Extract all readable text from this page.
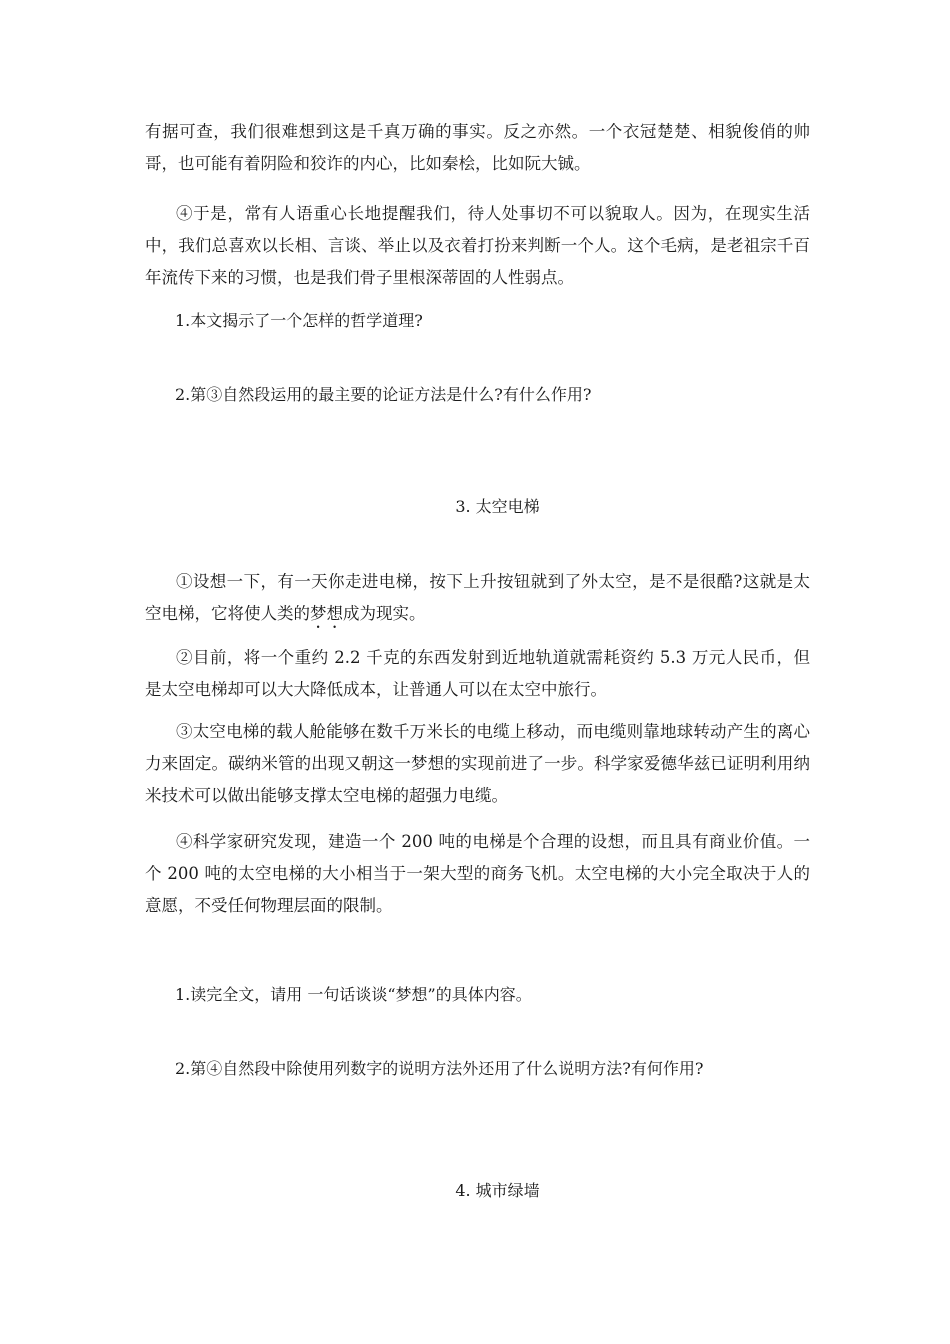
有据可查，我们很难想到这是千真万确的事实。反之亦然。一个衣冠楚楚、相貌俊俏的帅哥，也可能有着阴险和狡诈的内心，比如秦桧，比如阮大铖。

④于是，常有人语重心长地提醒我们，待人处事切不可以貌取人。因为，在现实生活中，我们总喜欢以长相、言谈、举止以及衣着打扮来判断一个人。这个毛病，是老祖宗千百年流传下来的习惯，也是我们骨子里根深蒂固的人性弱点。

1.本文揭示了一个怎样的哲学道理?

2.第③自然段运用的最主要的论证方法是什么?有什么作用?

3. 太空电梯

①设想一下，有一天你走进电梯，按下上升按钮就到了外太空，是不是很酷?这就是太空电梯，它将使人类的梦想成为现实。

②目前，将一个重约 2.2 千克的东西发射到近地轨道就需耗资约 5.3 万元人民币，但是太空电梯却可以大大降低成本，让普通人可以在太空中旅行。

③太空电梯的载人舱能够在数千万米长的电缆上移动，而电缆则靠地球转动产生的离心力来固定。碳纳米管的出现又朝这一梦想的实现前进了一步。科学家爱德华兹已证明利用纳米技术可以做出能够支撑太空电梯的超强力电缆。

④科学家研究发现，建造一个 200 吨的电梯是个合理的设想，而且具有商业价值。一个 200 吨的太空电梯的大小相当于一架大型的商务飞机。太空电梯的大小完全取决于人的意愿，不受任何物理层面的限制。

1.读完全文，请用 一句话谈谈“梦想”的具体内容。

2.第④自然段中除使用列数字的说明方法外还用了什么说明方法?有何作用?

4. 城市绿墙
